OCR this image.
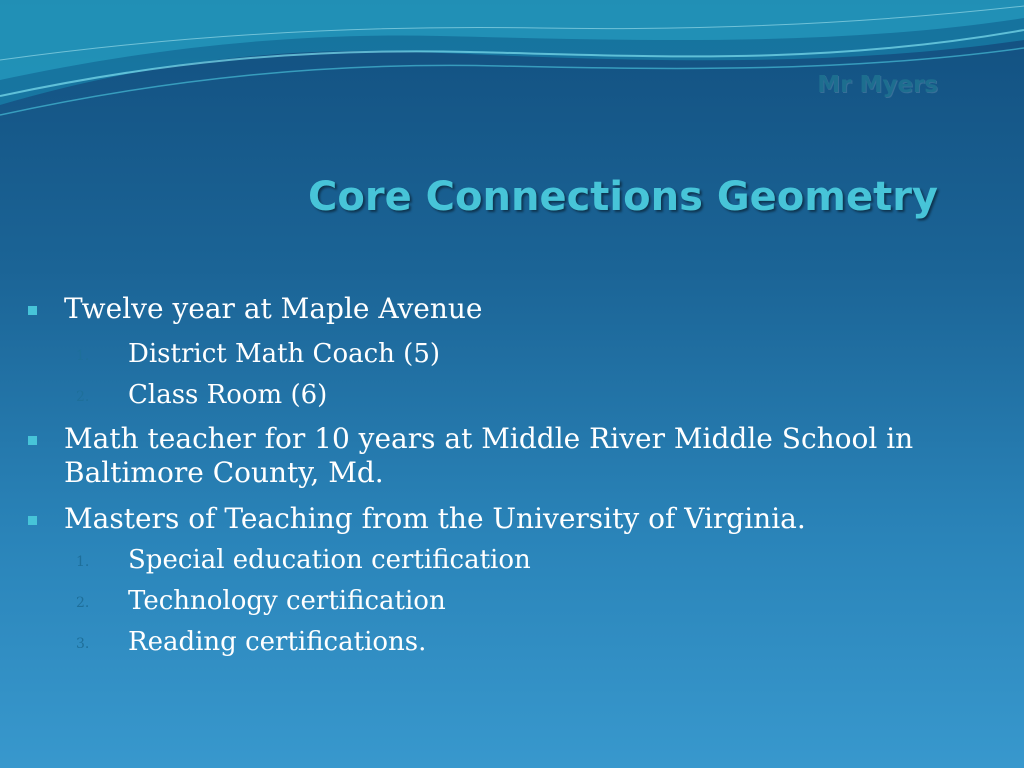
Mr Myers
Core Connections Geometry
Twelve year at Maple Avenue
1. District Math Coach (5)
2. Class Room (6)
Math teacher for 10 years at Middle River Middle School in Baltimore County, Md.
Masters of Teaching from the University of Virginia.
1. Special education certification
2. Technology certification
3. Reading certifications.
